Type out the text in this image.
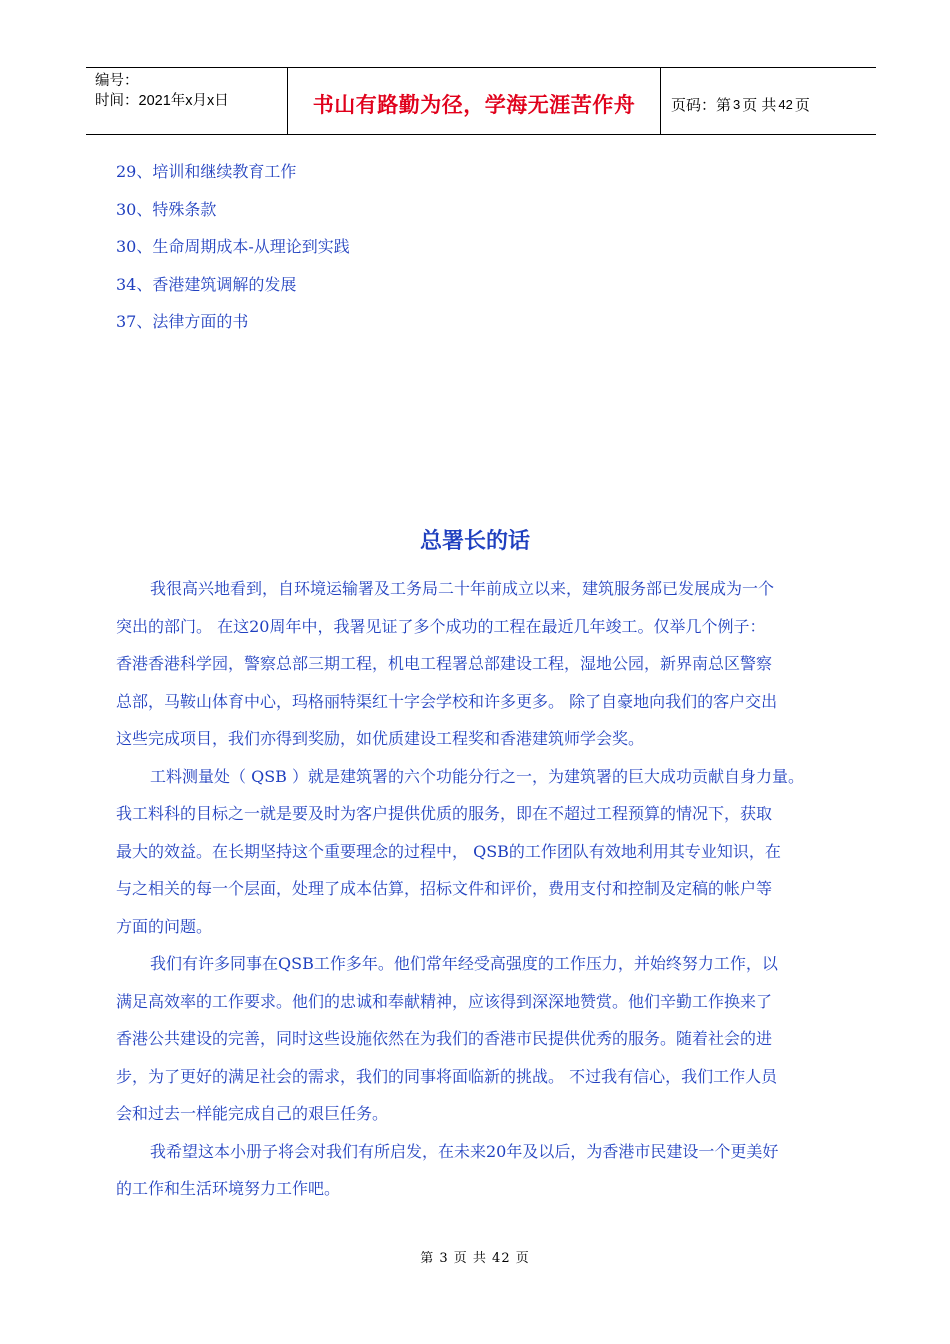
编号：
时间：2021年x月x日	书山有路勤为径，学海无涯苦作舟 页码：第 3 页 共 42 页
29、培训和继续教育工作
30、特殊条款
30、生命周期成本-从理论到实践
34、香港建筑调解的发展
37、法律方面的书
总署长的话
我很高兴地看到，自环境运输署及工务局二十年前成立以来，建筑服务部已发展成为一个
突出的部门。 在这20周年中，我署见证了多个成功的工程在最近几年竣工。仅举几个例子：
香港香港科学园，警察总部三期工程，机电工程署总部建设工程，湿地公园，新界南总区警察
总部，马鞍山体育中心，玛格丽特渠红十字会学校和许多更多。 除了自豪地向我们的客户交出
这些完成项目，我们亦得到奖励，如优质建设工程奖和香港建筑师学会奖。
工料测量处（ QSB ）就是建筑署的六个功能分行之一，为建筑署的巨大成功贡献自身力量。
我工料科的目标之一就是要及时为客户提供优质的服务，即在不超过工程预算的情况下，获取
最大的效益。在长期坚持这个重要理念的过程中， QSB的工作团队有效地利用其专业知识，在
与之相关的每一个层面，处理了成本估算，招标文件和评价，费用支付和控制及定稿的帐户等
方面的问题。
我们有许多同事在QSB工作多年。他们常年经受高强度的工作压力，并始终努力工作，以
满足高效率的工作要求。他们的忠诚和奉献精神，应该得到深深地赞赏。他们辛勤工作换来了
香港公共建设的完善，同时这些设施依然在为我们的香港市民提供优秀的服务。随着社会的进
步，为了更好的满足社会的需求，我们的同事将面临新的挑战。 不过我有信心，我们工作人员
会和过去一样能完成自己的艰巨任务。
我希望这本小册子将会对我们有所启发，在未来20年及以后，为香港市民建设一个更美好
的工作和生活环境努力工作吧。
第 3 页 共 42 页
